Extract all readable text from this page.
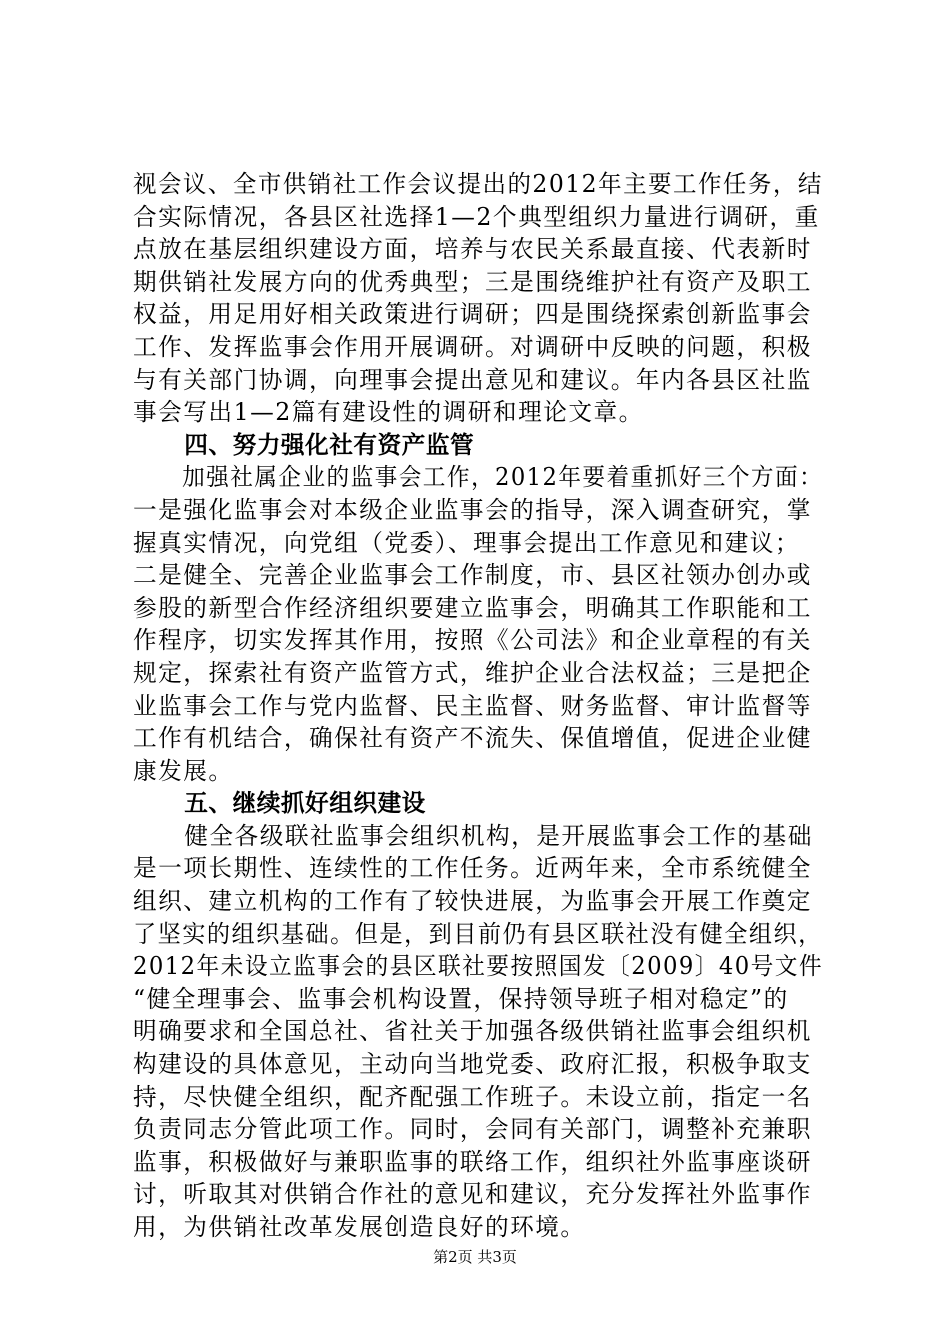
视会议、全市供销社工作会议提出的2012年主要工作任务，结
合实际情况，各县区社选择1—2个典型组织力量进行调研，重
点放在基层组织建设方面，培养与农民关系最直接、代表新时
期供销社发展方向的优秀典型；三是围绕维护社有资产及职工
权益，用足用好相关政策进行调研；四是围绕探索创新监事会
工作、发挥监事会作用开展调研。对调研中反映的问题，积极
与有关部门协调，向理事会提出意见和建议。年内各县区社监
事会写出1—2篇有建设性的调研和理论文章。
四、努力强化社有资产监管
加强社属企业的监事会工作，2012年要着重抓好三个方面：
一是强化监事会对本级企业监事会的指导，深入调查研究，掌
握真实情况，向党组（党委）、理事会提出工作意见和建议；
二是健全、完善企业监事会工作制度，市、县区社领办创办或
参股的新型合作经济组织要建立监事会，明确其工作职能和工
作程序，切实发挥其作用，按照《公司法》和企业章程的有关
规定，探索社有资产监管方式，维护企业合法权益；三是把企
业监事会工作与党内监督、民主监督、财务监督、审计监督等
工作有机结合，确保社有资产不流失、保值增值，促进企业健
康发展。
五、继续抓好组织建设
健全各级联社监事会组织机构，是开展监事会工作的基础
是一项长期性、连续性的工作任务。近两年来，全市系统健全
组织、建立机构的工作有了较快进展，为监事会开展工作奠定
了坚实的组织基础。但是，到目前仍有县区联社没有健全组织，
2012年未设立监事会的县区联社要按照国发〔2009〕40号文件
“健全理事会、监事会机构设置，保持领导班子相对稳定”的
明确要求和全国总社、省社关于加强各级供销社监事会组织机
构建设的具体意见，主动向当地党委、政府汇报，积极争取支
持，尽快健全组织，配齐配强工作班子。未设立前，指定一名
负责同志分管此项工作。同时，会同有关部门，调整补充兼职
监事，积极做好与兼职监事的联络工作，组织社外监事座谈研
讨，听取其对供销合作社的意见和建议，充分发挥社外监事作
用，为供销社改革发展创造良好的环境。
第2页 共3页
